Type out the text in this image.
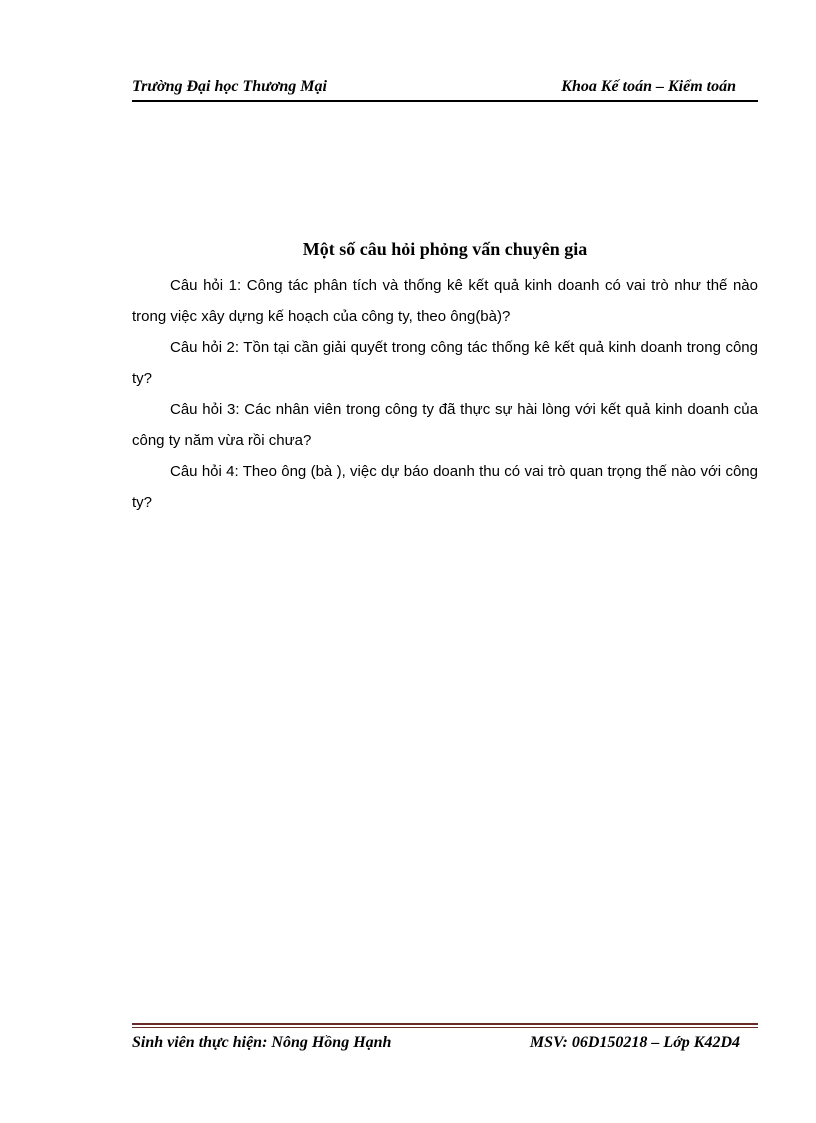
Trường Đại học Thương Mại	Khoa Kế toán – Kiểm toán
Một số câu hỏi phỏng vấn chuyên gia

Câu hỏi 1: Công tác phân tích và thống kê kết quả kinh doanh có vai trò như thế nào trong việc xây dựng kế hoạch của công ty, theo ông(bà)?

Câu hỏi 2: Tồn tại cần giải quyết trong công tác thống kê kết quả kinh doanh trong công ty?

Câu hỏi 3: Các nhân viên trong công ty đã thực sự hài lòng với kết quả kinh doanh của công ty năm vừa rồi chưa?

Câu hỏi 4: Theo ông (bà ), việc dự báo doanh thu có vai trò quan trọng thế nào với công ty?

Sinh viên thực hiện: Nông Hồng Hạnh	MSV: 06D150218 – Lớp K42D4
